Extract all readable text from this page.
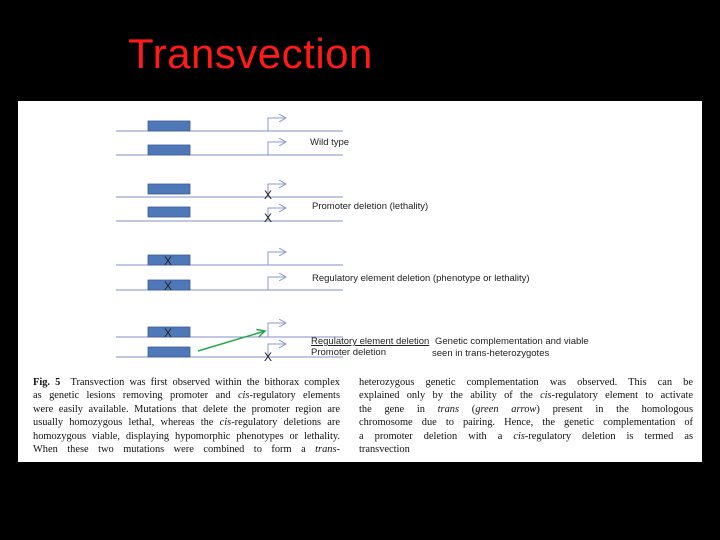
Transvection
X
X
X
X
X
X
Wild type
Promoter deletion (lethality)
Regulatory element deletion (phenotype or lethality)
Regulatory element deletion
Promoter deletion
Genetic complementation and viable
seen in trans-heterozygotes
Fig. 5  Transvection was first observed within the bithorax complex
as genetic lesions removing promoter and cis-regulatory elements
were easily available. Mutations that delete the promoter region are
usually homozygous lethal, whereas the cis-regulatory deletions are
homozygous viable, displaying hypomorphic phenotypes or lethality.
When these two mutations were combined to form a trans-
heterozygous genetic complementation was observed. This can be
explained only by the ability of the cis-regulatory element to activate
the gene in trans (green arrow) present in the homologous
chromosome due to pairing. Hence, the genetic complementation of
a promoter deletion with a cis-regulatory deletion is termed as
transvection
